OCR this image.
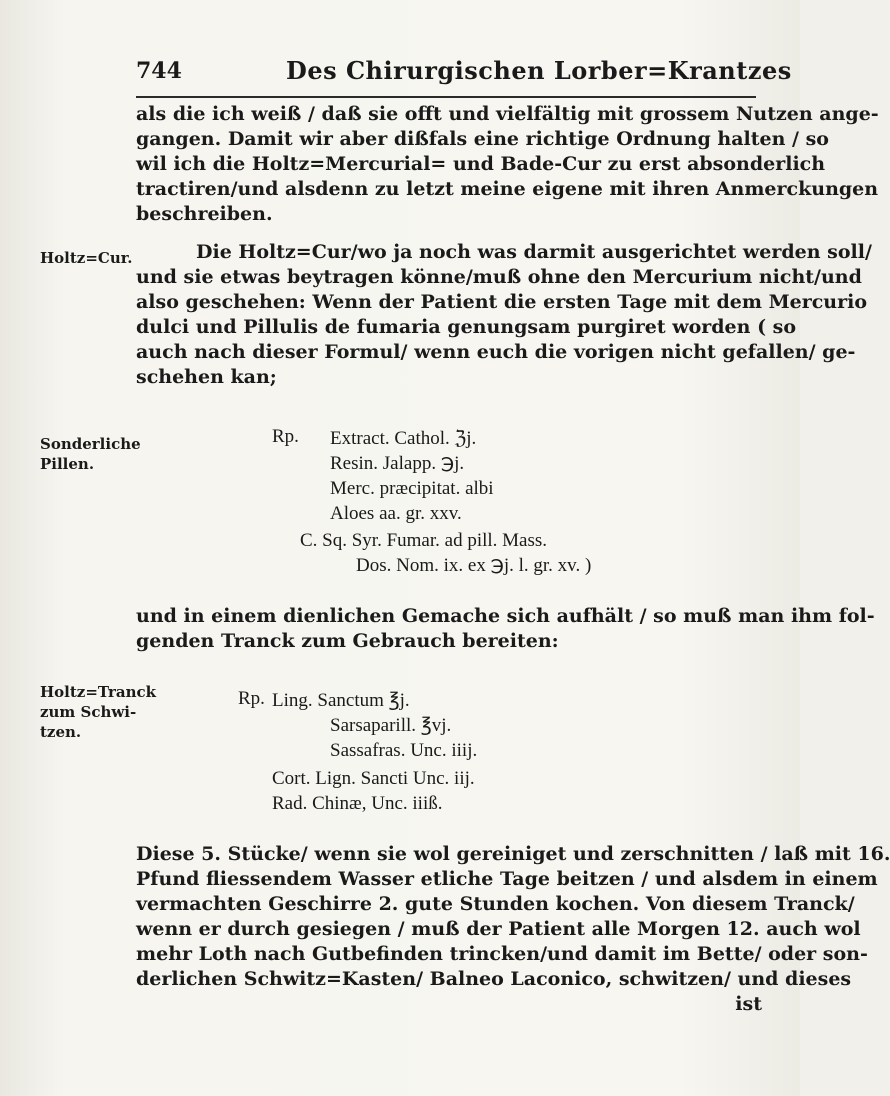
744	Des Chirurgischen Lorber=Krantzes
als die ich weiß / daß sie offt und vielfältig mit grossem Nutzen ange-
gangen. Damit wir aber dißfals eine richtige Ordnung halten / so
wil ich die Holtz=Mercurial= und Bade-Cur zu erst absonderlich
tractiren/und alsdenn zu letzt meine eigene mit ihren Anmerckungen
beschreiben.
Holtz=Cur.	Die Holtz=Cur/wo ja noch was darmit ausgerichtet werden soll/
und sie etwas beytragen könne/muß ohne den Mercurium nicht/und
also geschehen: Wenn der Patient die ersten Tage mit dem Mercurio
dulci und Pillulis de fumaria genungsam purgiret worden ( so
auch nach dieser Formul/ wenn euch die vorigen nicht gefallen/ ge-
schehen kan;
Sonderliche
Pillen.
Rp. Extract. Cathol. ℨj.
Resin. Jalapp. ℈j.
Merc. præcipitat. albi
Aloes aa. gr. xxv.
C. Sq. Syr. Fumar. ad pill. Mass.
Dos. Nom. ix. ex ℈j. l. gr. xv. )
und in einem dienlichen Gemache sich aufhält / so muß man ihm fol-
genden Tranck zum Gebrauch bereiten:
Holtz=Tranck
zum Schwi-
tzen.
Rp. Ling. Sanctum ℥j.
Sarsaparill. ℥vj.
Sassafras. Unc. iiij.
Cort. Lign. Sancti Unc. iij.
Rad. Chinæ, Unc. iiiß.
Diese 5. Stücke/ wenn sie wol gereiniget und zerschnitten / laß mit 16.
Pfund fliessendem Wasser etliche Tage beitzen / und alsdem in einem
vermachten Geschirre 2. gute Stunden kochen. Von diesem Tranck/
wenn er durch gesiegen / muß der Patient alle Morgen 12. auch wol
mehr Loth nach Gutbefinden trincken/und damit im Bette/ oder son-
derlichen Schwitz=Kasten/ Balneo Laconico, schwitzen/ und dieses
ist
